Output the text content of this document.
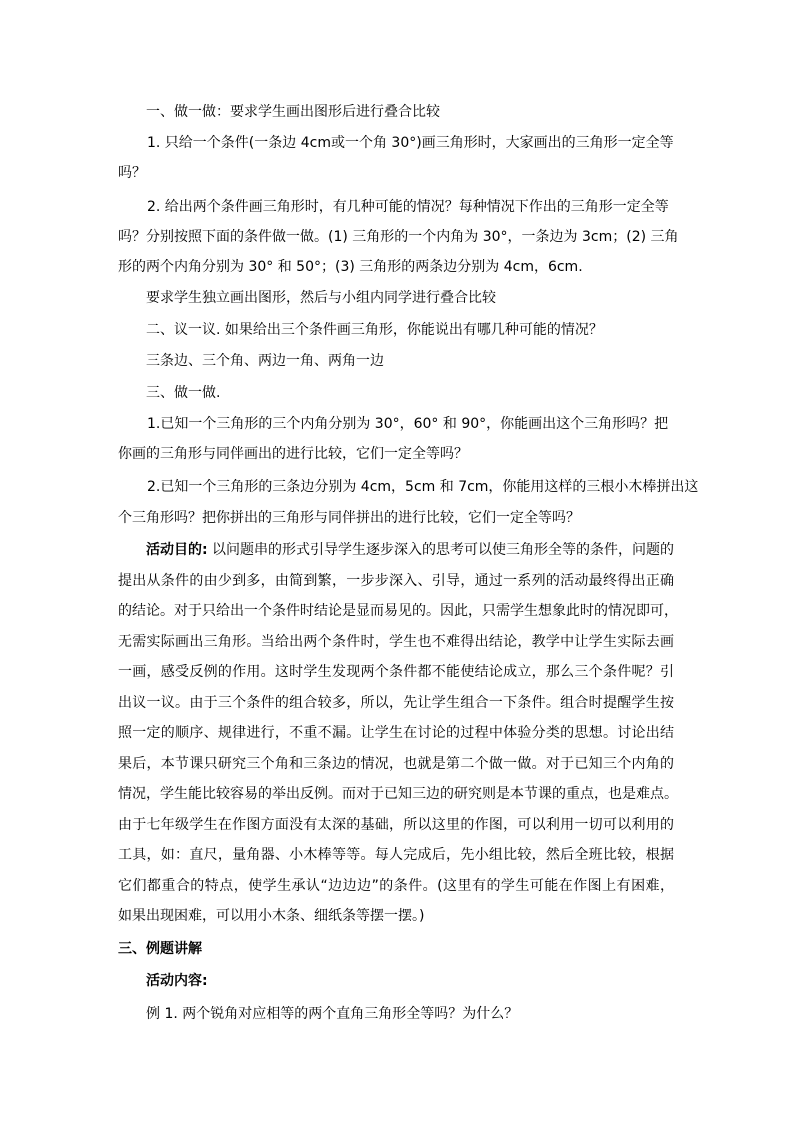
一、做一做：要求学生画出图形后进行叠合比较
1. 只给一个条件(一条边 4cm或一个角 30°)画三角形时，大家画出的三角形一定全等
吗？
2. 给出两个条件画三角形时，有几种可能的情况？每种情况下作出的三角形一定全等
吗？分别按照下面的条件做一做。(1) 三角形的一个内角为 30°，一条边为 3cm；(2) 三角
形的两个内角分别为 30° 和 50°；(3) 三角形的两条边分别为 4cm，6cm.
要求学生独立画出图形，然后与小组内同学进行叠合比较
二、议一议. 如果给出三个条件画三角形，你能说出有哪几种可能的情况？
三条边、三个角、两边一角、两角一边
三、做一做.
1.已知一个三角形的三个内角分别为 30°，60° 和 90°，你能画出这个三角形吗？把
你画的三角形与同伴画出的进行比较，它们一定全等吗？
2.已知一个三角形的三条边分别为 4cm，5cm 和 7cm，你能用这样的三根小木棒拼出这
个三角形吗？把你拼出的三角形与同伴拼出的进行比较，它们一定全等吗？
活动目的: 以问题串的形式引导学生逐步深入的思考可以使三角形全等的条件，问题的
提出从条件的由少到多，由简到繁，一步步深入、引导，通过一系列的活动最终得出正确
的结论。对于只给出一个条件时结论是显而易见的。因此，只需学生想象此时的情况即可，
无需实际画出三角形。当给出两个条件时，学生也不难得出结论，教学中让学生实际去画
一画，感受反例的作用。这时学生发现两个条件都不能使结论成立，那么三个条件呢？引
出议一议。由于三个条件的组合较多，所以，先让学生组合一下条件。组合时提醒学生按
照一定的顺序、规律进行，不重不漏。让学生在讨论的过程中体验分类的思想。讨论出结
果后，本节课只研究三个角和三条边的情况，也就是第二个做一做。对于已知三个内角的
情况，学生能比较容易的举出反例。而对于已知三边的研究则是本节课的重点，也是难点。
由于七年级学生在作图方面没有太深的基础，所以这里的作图，可以利用一切可以利用的
工具，如：直尺，量角器、小木棒等等。每人完成后，先小组比较，然后全班比较，根据
它们都重合的特点，使学生承认“边边边”的条件。(这里有的学生可能在作图上有困难，
如果出现困难，可以用小木条、细纸条等摆一摆。)
三、例题讲解
活动内容:
例 1. 两个锐角对应相等的两个直角三角形全等吗？为什么？
